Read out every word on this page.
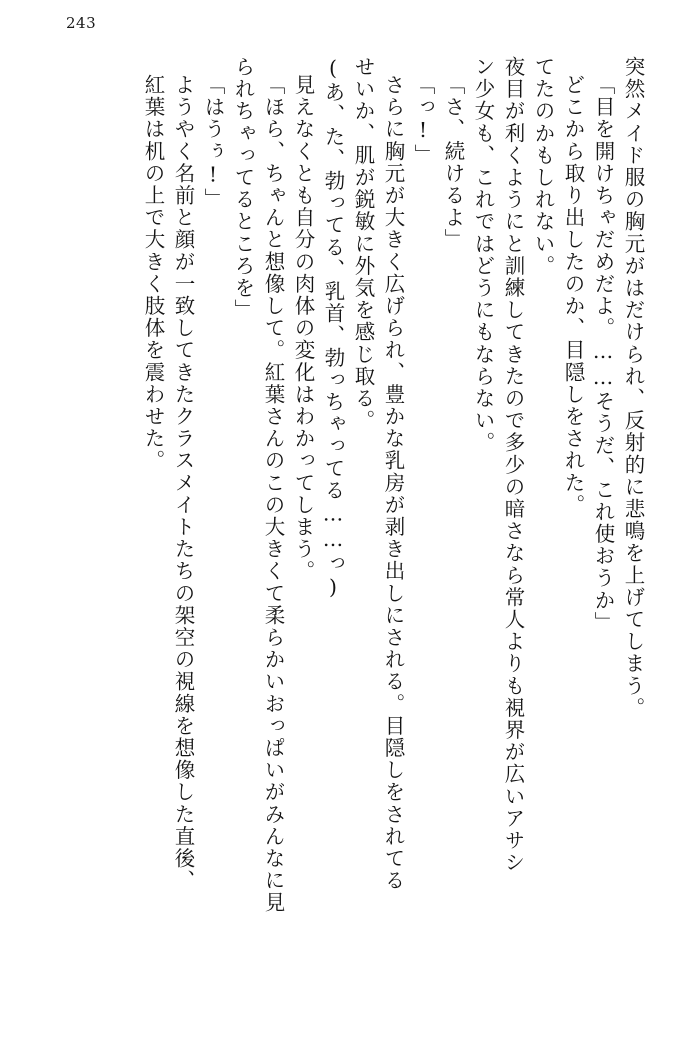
243
突然メイド服の胸元がはだけられ、反射的に悲鳴を上げてしまう。
「目を開けちゃだめだよ。……そうだ、これ使おうか」
どこから取り出したのか、目隠しをされた。
てたのかもしれない。
夜目が利くようにと訓練してきたので多少の暗さなら常人よりも視界が広いアサシ
ン少女も、これではどうにもならない。
「さ、続けるよ」
「っ!」
さらに胸元が大きく広げられ、豊かな乳房が剥き出しにされる。目隠しをされてる
せいか、肌が鋭敏に外気を感じ取る。
(あ、た、勃ってる、乳首、勃っちゃってる……っ)
見えなくとも自分の肉体の変化はわかってしまう。
「ほら、ちゃんと想像して。紅葉さんのこの大きくて柔らかいおっぱいがみんなに見
られちゃってるところを」
「はうぅ!」
ようやく名前と顔が一致してきたクラスメイトたちの架空の視線を想像した直後、
紅葉は机の上で大きく肢体を震わせた。
